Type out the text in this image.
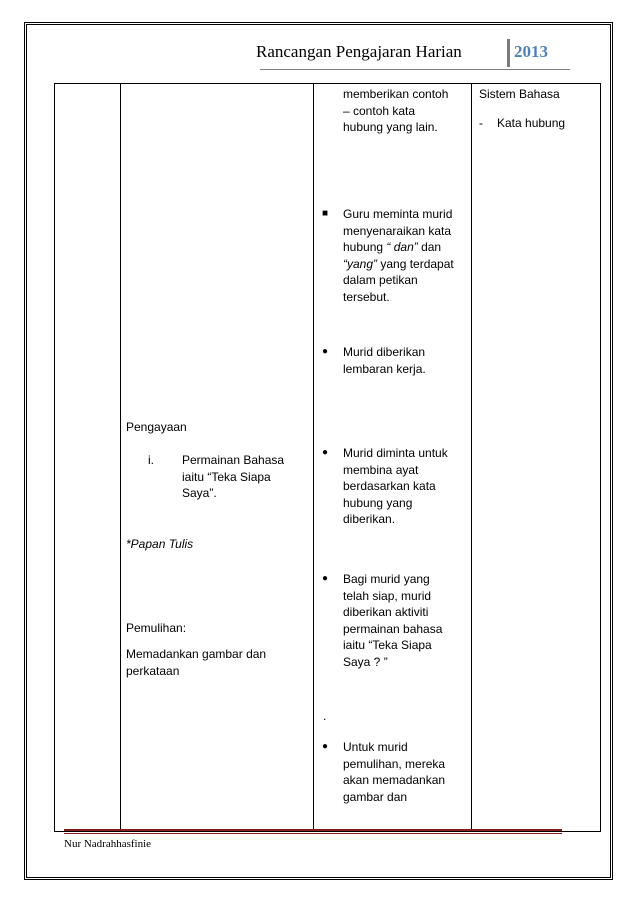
Rancangan Pengajaran Harian	2013
Pengayaan
i. Permainan Bahasa
iaitu “Teka Siapa
Saya”.
*Papan Tulis
Pemulihan:
Memadankan gambar dan
perkataan
memberikan contoh
– contoh kata
hubung yang lain.
■ Guru meminta murid
menyenaraikan kata
hubung “ dan” dan
“yang” yang terdapat
dalam petikan
tersebut.
● Murid diberikan
lembaran kerja.
● Murid diminta untuk
membina ayat
berdasarkan kata
hubung yang
diberikan.
● Bagi murid yang
telah siap, murid
diberikan aktiviti
permainan bahasa
iaitu “Teka Siapa
Saya ? ”
.
● Untuk murid
pemulihan, mereka
akan memadankan
gambar dan
Sistem Bahasa
- Kata hubung
Nur Nadrahhasfinie
